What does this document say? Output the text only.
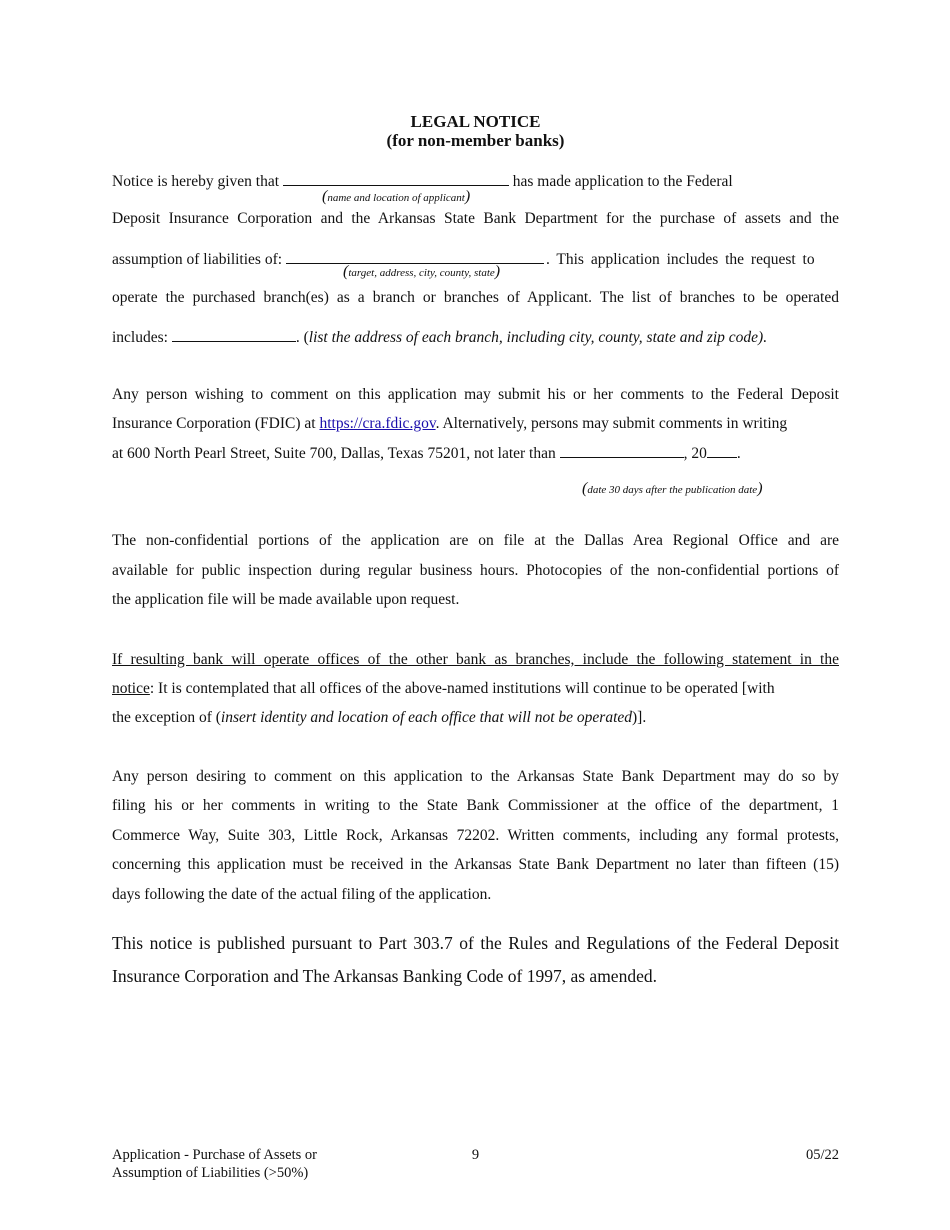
LEGAL NOTICE
(for non-member banks)
Notice is hereby given that	has made application to the Federal
(name and location of applicant)
Deposit Insurance Corporation and the Arkansas State Bank Department for the purchase of assets and the
assumption of liabilities of:	. This application includes the request to
(target, address, city, county, state)
operate the purchased branch(es) as a branch or branches of Applicant. The list of branches to be operated
includes:	. (list the address of each branch, including city, county, state and zip code).
Any person wishing to comment on this application may submit his or her comments to the Federal Deposit
Insurance Corporation (FDIC) at https://cra.fdic.gov. Alternatively, persons may submit comments in writing
at 600 North Pearl Street, Suite 700, Dallas, Texas 75201, not later than	, 20 .
(date 30 days after the publication date)
The non-confidential portions of the application are on file at the Dallas Area Regional Office and are
available for public inspection during regular business hours. Photocopies of the non-confidential portions of
the application file will be made available upon request.
If resulting bank will operate offices of the other bank as branches, include the following statement in the
notice: It is contemplated that all offices of the above-named institutions will continue to be operated [with
the exception of (insert identity and location of each office that will not be operated)].
Any person desiring to comment on this application to the Arkansas State Bank Department may do so by
filing his or her comments in writing to the State Bank Commissioner at the office of the department, 1
Commerce Way, Suite 303, Little Rock, Arkansas 72202. Written comments, including any formal protests,
concerning this application must be received in the Arkansas State Bank Department no later than fifteen (15)
days following the date of the actual filing of the application.
This notice is published pursuant to Part 303.7 of the Rules and Regulations of the Federal Deposit
Insurance Corporation and The Arkansas Banking Code of 1997, as amended.
Application - Purchase of Assets or
Assumption of Liabilities (>50%)
9	05/22
